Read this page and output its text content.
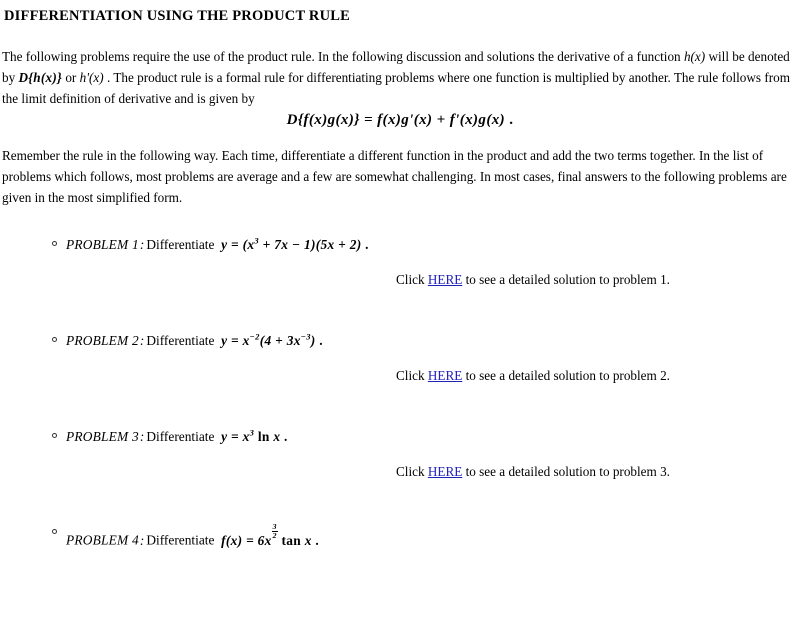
DIFFERENTIATION USING THE PRODUCT RULE

The following problems require the use of the product rule. In the following discussion and solutions the derivative of a function h(x) will be denoted by D{h(x)} or h'(x) . The product rule is a formal rule for differentiating problems where one function is multiplied by another. The rule follows from the limit definition of derivative and is given by

D{f(x)g(x)} = f(x)g'(x) + f'(x)g(x) .

Remember the rule in the following way. Each time, differentiate a different function in the product and add the two terms together. In the list of problems which follows, most problems are average and a few are somewhat challenging. In most cases, final answers to the following problems are given in the most simplified form.

PROBLEM 1: Differentiate $y = (x^3 + 7x - 1)(5x + 2)$ .
Click HERE to see a detailed solution to problem 1.
PROBLEM 2: Differentiate $y = x^{-2}(4 + 3x^{-3})$ .
Click HERE to see a detailed solution to problem 2.
PROBLEM 3: Differentiate $y = x^3$ ln x .
Click HERE to see a detailed solution to problem 3.
PROBLEM 4: Differentiate $f(x) = 6x \frac{3}{2}$ tan x .
